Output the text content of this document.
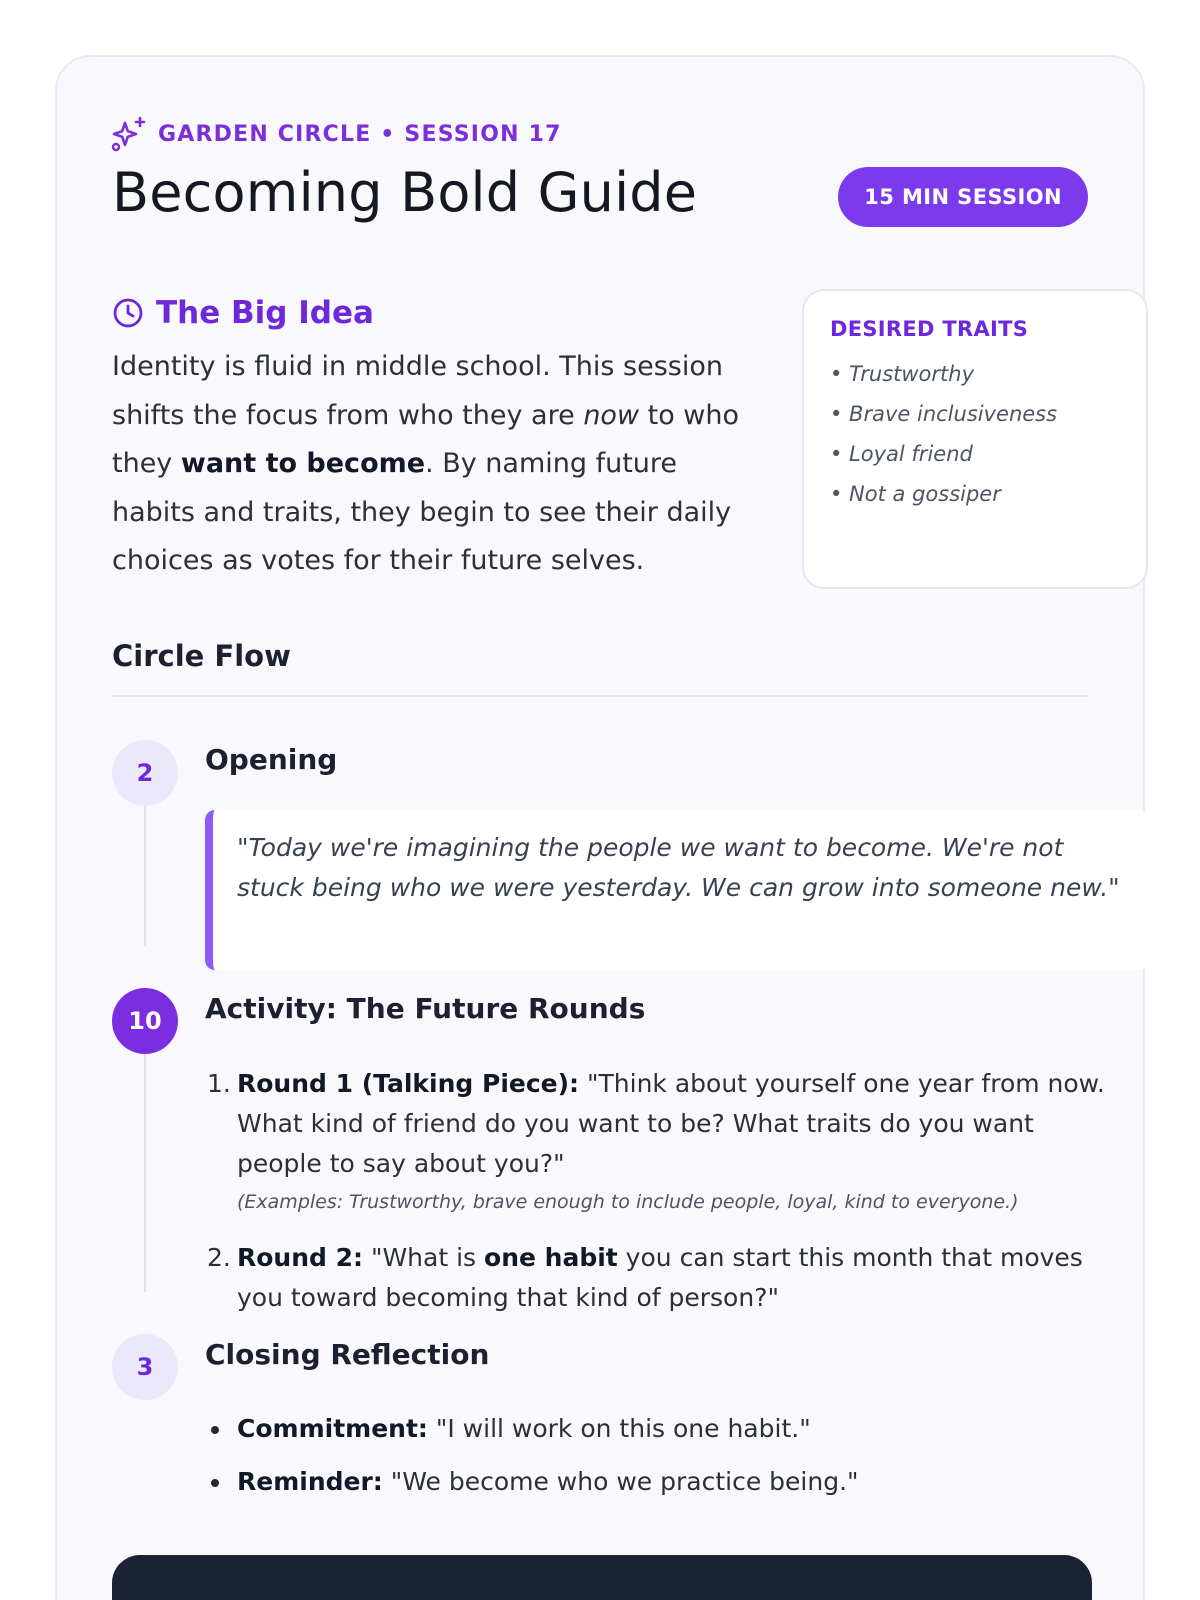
GARDEN CIRCLE • SESSION 17
Becoming Bold Guide	15 MIN SESSION
The Big Idea

Identity is fluid in middle school. This session shifts the focus from who they are now to who they want to become. By naming future habits and traits, they begin to see their daily choices as votes for their future selves.

DESIRED TRAITS
• Trustworthy
• Brave inclusiveness
• Loyal friend
• Not a gossiper
Circle Flow
2	Opening
"Today we're imagining the people we want to become. We're not stuck being who we were yesterday. We can grow into someone new."
10	Activity: The Future Rounds
1. Round 1 (Talking Piece): "Think about yourself one year from now. What kind of friend do you want to be? What traits do you want people to say about you?"
(Examples: Trustworthy, brave enough to include people, loyal, kind to everyone.)
2. Round 2: "What is one habit you can start this month that moves you toward becoming that kind of person?"
3	Closing Reflection
Commitment: "I will work on this one habit."
Reminder: "We become who we practice being."
